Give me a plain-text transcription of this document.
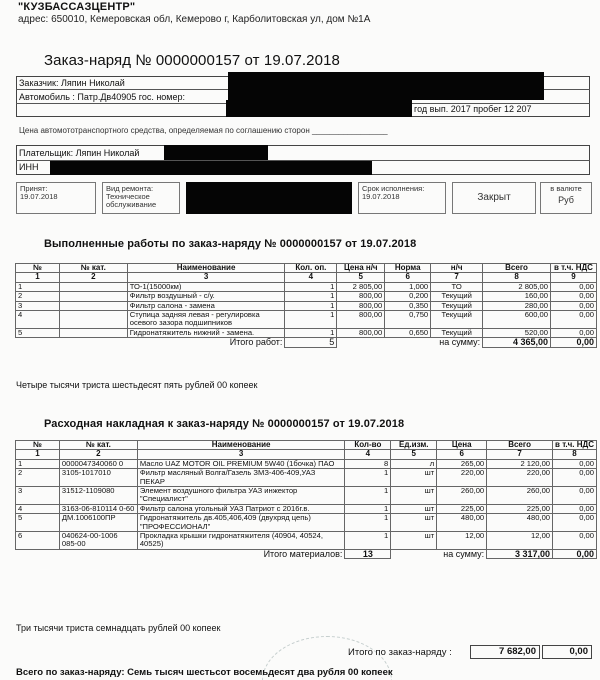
"КУЗБАССАЗЦЕНТР"
адрес: 650010, Кемеровская обл, Кемерово г, Карболитовская ул, дом №1А
Заказ-наряд № 0000000157 от 19.07.2018
Заказчик: Ляпин Николай
Автомобиль : Патр.Дв40905 гос. номер:
год вып. 2017 пробег 12 207
Цена автомототранспортного средства, определяемая по соглашению сторон _________________
Плательщик: Ляпин Николай
ИНН
Принят:
19.07.2018
Вид ремонта:
Техническое обслуживание
Срок исполнения:
19.07.2018	Закрыт
в валюте
Руб
Выполненные работы по заказ-наряду № 0000000157 от 19.07.2018
№	№ кат.	Наименование	Кол. оп.	Цена н/ч	Норма	н/ч	Всего	в т.ч. НДС
1	2	3	4	5	6	7	8	9
1		ТО-1(15000км)	1	2 805,00	1,000	ТО	2 805,00	0,00
2		Фильтр воздушный - с/у.	1	800,00	0,200	Текущий	160,00	0,00
3		Фильтр салона - замена	1	800,00	0,350	Текущий	280,00	0,00
4		Ступица задняя левая - регулировка осевого зазора подшипников	1	800,00	0,750	Текущий	600,00	0,00
5		Гидронатяжитель нижний - замена.	1	800,00	0,650	Текущий	520,00	0,00
Итого работ:			5	на сумму:			4 365,00	0,00
Четыре тысячи триста шестьдесят пять рублей 00 копеек
Расходная накладная к заказ-наряду № 0000000157 от 19.07.2018
№	№ кат.	Наименование	Кол-во	Ед.изм.	Цена	Всего	в т.ч. НДС
1	2	3	4	5	6	7	8
1	0000047340060 0	Масло UAZ MOTOR OIL PREMIUM 5W40 (1бочка) ПАО	8	л	265,00	2 120,00	0,00
2	3105-1017010	Фильтр масляный Волга/Газель ЗМЗ-406-409,УАЗ ПЕКАР	1	шт	220,00	220,00	0,00
3	31512-1109080	Элемент воздушного фильтра УАЗ инжектор "Специалист"	1	шт	260,00	260,00	0,00
4	3163-06-810114 0-60	Фильтр салона угольный УАЗ Патриот с 2016г.в.	1	шт	225,00	225,00	0,00
5	ДМ.1006100ПР	Гидронатяжитель дв.405,406,409 (двухряд цепь) "ПРОФЕССИОНАЛ"	1	шт	480,00	480,00	0,00
6	040624-00-1006 085-00	Прокладка крышки гидронатяжителя (40904, 40524, 40525)	1	шт	12,00	12,00	0,00
Итого материалов:			13	на сумму:		3 317,00	0,00
Три тысячи триста семнадцать рублей 00 копеек
Итого по заказ-наряду :	7 682,00	0,00
Всего по заказ-наряду: Семь тысяч шестьсот восемьдесят два рубля 00 копеек
